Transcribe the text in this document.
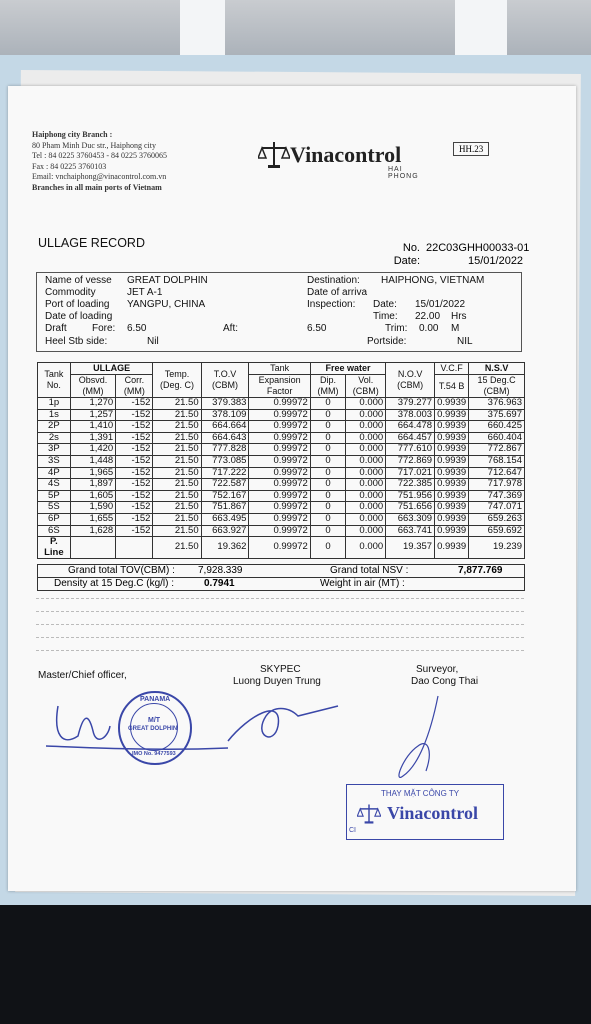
Haiphong city Branch :
80 Pham Minh Duc str., Haiphong city
Tel : 84 0225 3760453 - 84 0225 3760065
Fax : 84 0225 3760103
Email: vnchaiphong@vinacontrol.com.vn
Branches in all main ports of Vietnam
Vinacontrol
HAI PHONG
HH.23
ULLAGE RECORD	No. 22C03GHH00033-01
Date:	15/01/2022
Name of vesse GREAT DOLPHIN
Commodity	JET A-1
Port of loading YANGPU, CHINA
Date of loading
Draft	Fore: 6.50	Aft:	6.50
Heel Stb side:	Nil
Destination: HAIPHONG, VIETNAM
Date of arriva
Inspection: Date: 15/01/2022
Time: 22.00 Hrs
Trim: 0.00 M
Portside:	NIL
Tank No.	ULLAGE		Temp. (Deg. C)	T.O.V (CBM)	Tank	Free water		N.O.V (CBM)	V.C.F	N.S.V
	Obsvd. (MM)	Corr. (MM)			Expansion Factor	Dip. (MM)	Vol. (CBM)		T.54 B	15 Deg.C (CBM)
1p	1,270	-152	21.50	379.383	0.99972	0	0.000	379.277	0.9939	376.963
1s	1,257	-152	21.50	378.109	0.99972	0	0.000	378.003	0.9939	375.697
2P	1,410	-152	21.50	664.664	0.99972	0	0.000	664.478	0.9939	660.425
2s	1,391	-152	21.50	664.643	0.99972	0	0.000	664.457	0.9939	660.404
3P	1,420	-152	21.50	777.828	0.99972	0	0.000	777.610	0.9939	772.867
3S	1,448	-152	21.50	773.085	0.99972	0	0.000	772.869	0.9939	768.154
4P	1,965	-152	21.50	717.222	0.99972	0	0.000	717.021	0.9939	712.647
4S	1,897	-152	21.50	722.587	0.99972	0	0.000	722.385	0.9939	717.978
5P	1,605	-152	21.50	752.167	0.99972	0	0.000	751.956	0.9939	747.369
5S	1,590	-152	21.50	751.867	0.99972	0	0.000	751.656	0.9939	747.071
6P	1,655	-152	21.50	663.495	0.99972	0	0.000	663.309	0.9939	659.263
6S	1,628	-152	21.50	663.927	0.99972	0	0.000	663.741	0.9939	659.692
P. Line			21.50	19.362	0.99972	0	0.000	19.357	0.9939	19.239
Grand total TOV(CBM) : 7,928.339	Grand total NSV :	7,877.769
Density at 15 Deg.C (kg/l) :	0.7941	Weight in air (MT) :
Master/Chief officer,
SKYPEC
Luong Duyen Trung
Surveyor,
Dao Cong Thai
PANAMA
M/T
GREAT DOLPHIN
IMO No. 9477593
THAY MẶT CÔNG TY
Vinacontrol
CI
